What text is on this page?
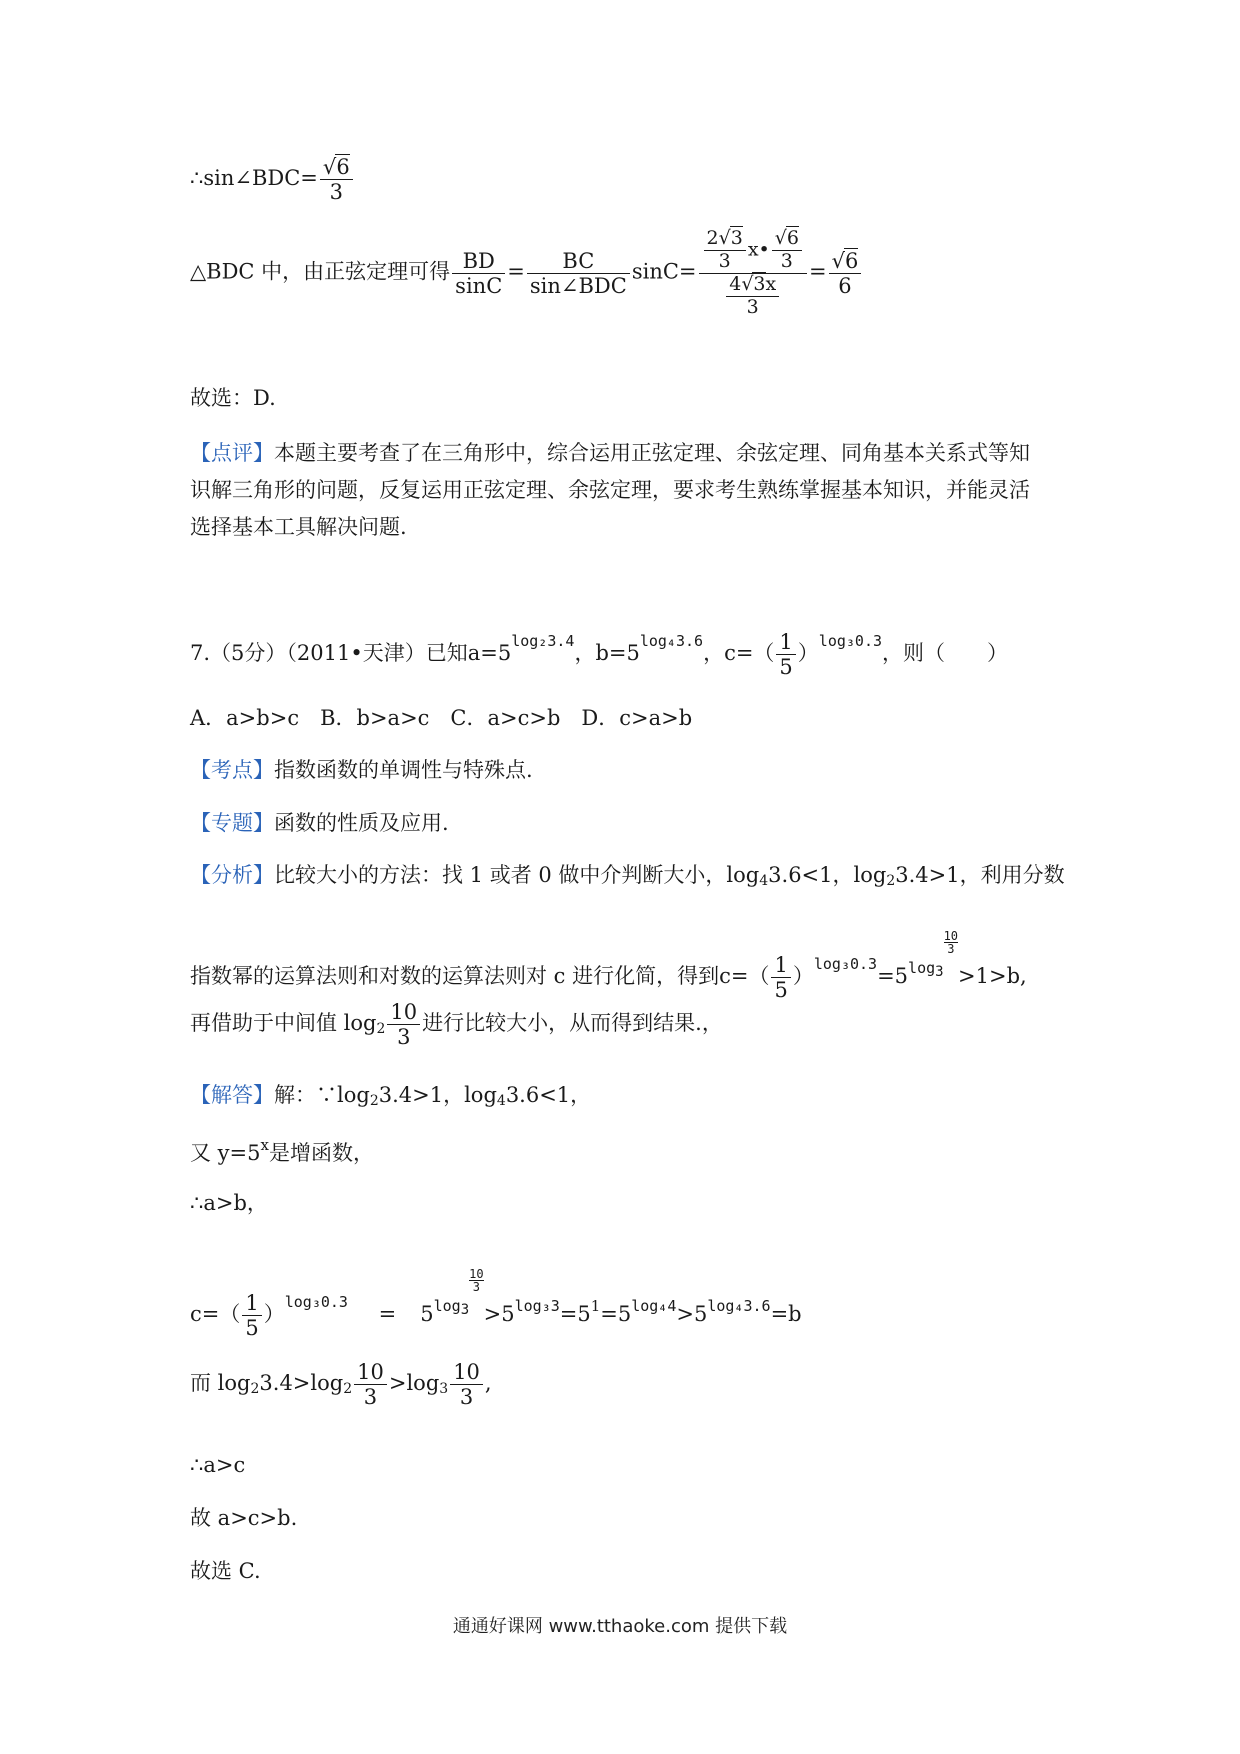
∴sin∠BDC= $\frac{√6}{3}$
△BDC 中，由正弦定理可得 $\frac{BD}{\sin C} = \frac{BC}{\text{sin∠BDC}} \sin C= \frac{\frac{2√3}{3} x• \frac{√6}{3}}{\frac{4√3x}{3}} = \frac{√6}{6}$
故选：D.
【点评】本题主要考查了在三角形中，综合运用正弦定理、余弦定理、同角基本关系式等知
识解三角形的问题，反复运用正弦定理、余弦定理，要求考生熟练掌握基本知识，并能灵活
选择基本工具解决问题.
7.（5分）（2011•天津）已知$a=5^{log_23.4}$，$b=5^{log_43.6}$，$c=( \frac{1}{5} )^{log_30.3}$，则（　　）
A．a>b>c　B．b>a>c　C．a>c>b　D．c>a>b
【考点】指数函数的单调性与特殊点.
【专题】函数的性质及应用.
【分析】比较大小的方法：找 1 或者 0 做中介判断大小，$\log_43.6<1$，$\log_23.4>1$，利用分数
指数幂的运算法则和对数的运算法则对 c 进行化简，得到$c=( \frac{1}{5} )^{log_30.3}=5^{log_3 \frac{10}{3}}$
>1>b,
再借助于中间值 $\log_2 \frac{10}{3}$ 进行比较大小，从而得到结果.，
【解答】解：$\because\log_23.4>1$，$\log_43.6<1$，
又 $y=5^x$是增函数，
∴a>b，
$c=( \frac{1}{5} )^{log_30.3} = 5^{log_3 \frac{10}{3}}$
$>5^{log_33}=5^1=5^{log_44}>5^{log_43.6}=b$
而 $\log_23.4>\log_2 \frac{10}{3} >\log_3 \frac{10}{3}$ ,
∴a>c
故 a>c>b.
故选 C.
通通好课网 www.tthaoke.com 提供下载
